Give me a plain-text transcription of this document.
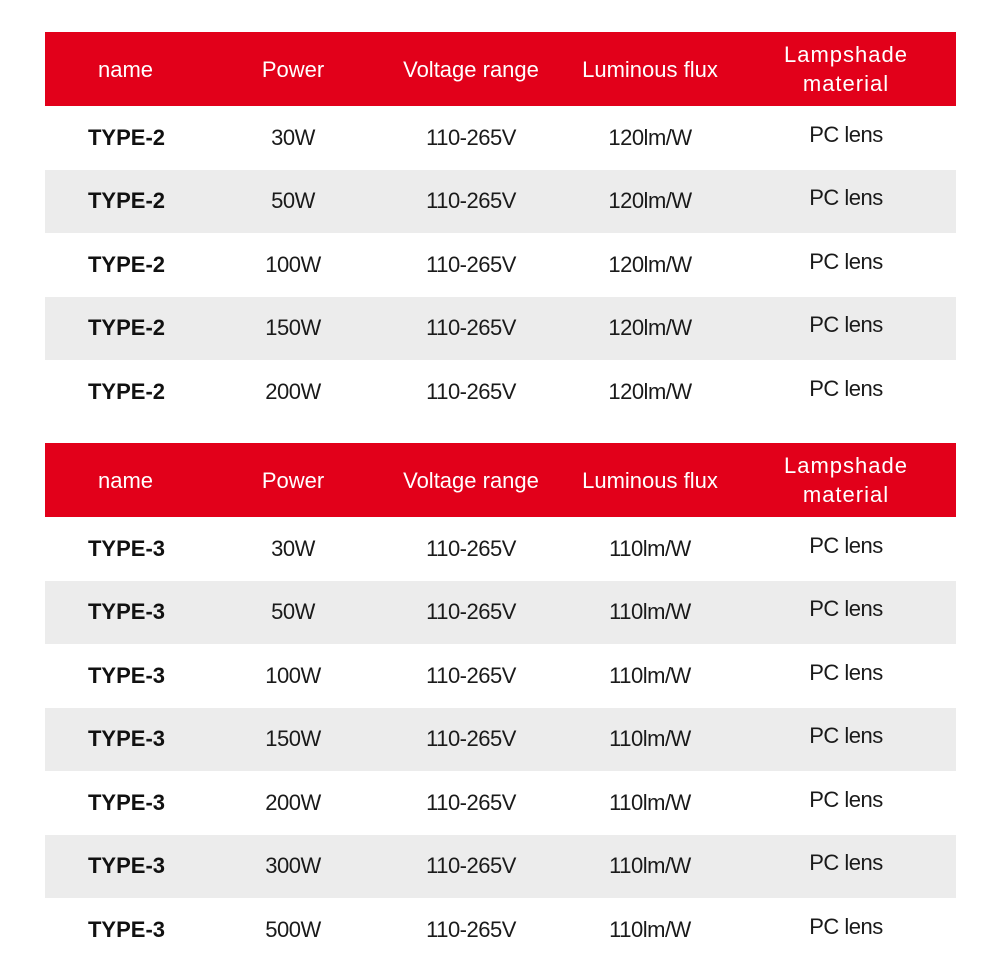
name	Power	Voltage range	Luminous flux	Lampshade
material
TYPE-2	30W	110-265V	120lm/W	PC lens
TYPE-2	50W	110-265V	120lm/W	PC lens
TYPE-2	100W	110-265V	120lm/W	PC lens
TYPE-2	150W	110-265V	120lm/W	PC lens
TYPE-2	200W	110-265V	120lm/W	PC lens
name	Power	Voltage range	Luminous flux	Lampshade
material
TYPE-3	30W	110-265V	110lm/W	PC lens
TYPE-3	50W	110-265V	110lm/W	PC lens
TYPE-3	100W	110-265V	110lm/W	PC lens
TYPE-3	150W	110-265V	110lm/W	PC lens
TYPE-3	200W	110-265V	110lm/W	PC lens
TYPE-3	300W	110-265V	110lm/W	PC lens
TYPE-3	500W	110-265V	110lm/W	PC lens
